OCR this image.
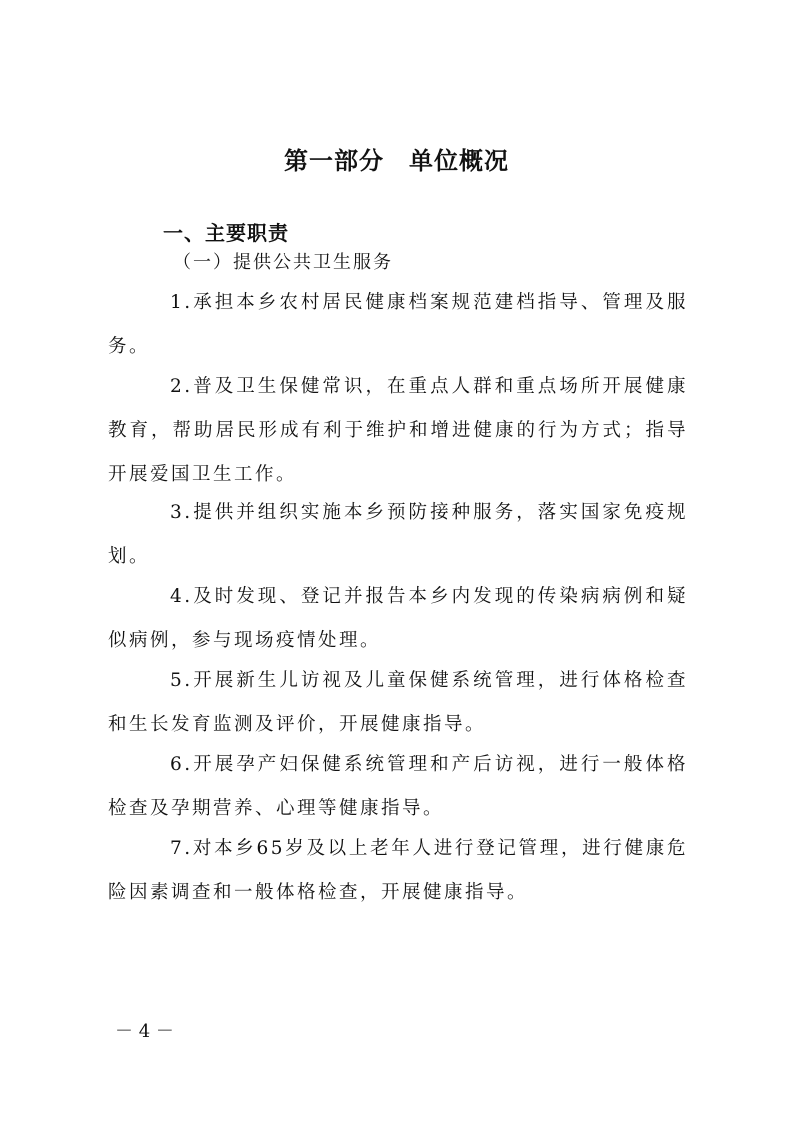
第一部分　单位概况
一、主要职责
（一）提供公共卫生服务
1.承担本乡农村居民健康档案规范建档指导、管理及服务。
2.普及卫生保健常识，在重点人群和重点场所开展健康教育，帮助居民形成有利于维护和增进健康的行为方式；指导开展爱国卫生工作。
3.提供并组织实施本乡预防接种服务，落实国家免疫规划。
4.及时发现、登记并报告本乡内发现的传染病病例和疑似病例，参与现场疫情处理。
5.开展新生儿访视及儿童保健系统管理，进行体格检查和生长发育监测及评价，开展健康指导。
6.开展孕产妇保健系统管理和产后访视，进行一般体格检查及孕期营养、心理等健康指导。
7.对本乡65岁及以上老年人进行登记管理，进行健康危险因素调查和一般体格检查，开展健康指导。
－ 4 －
